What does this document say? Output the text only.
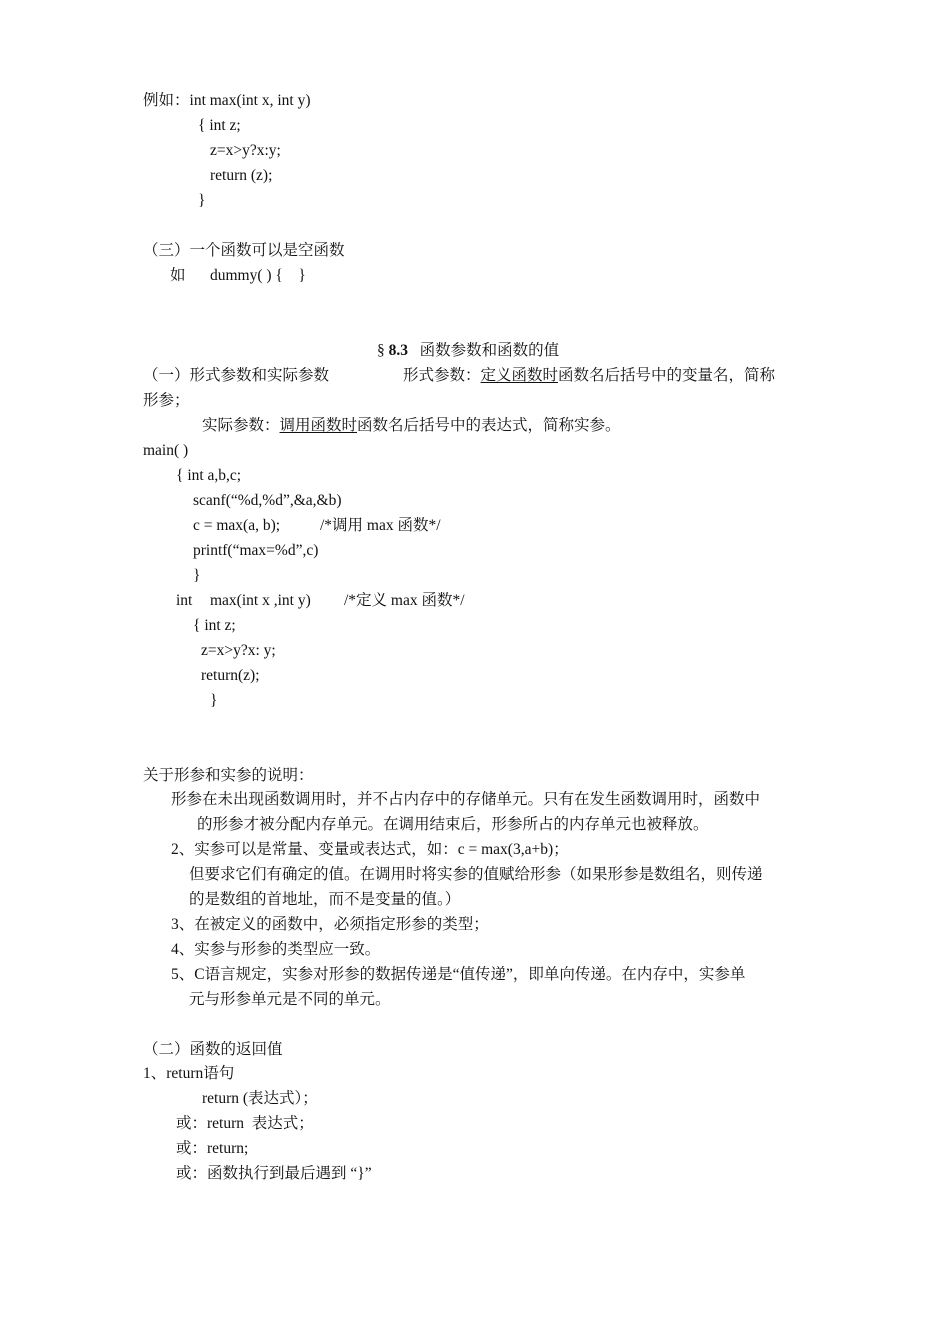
例如：int max(int x, int y)
{ int z;
z=x>y?x:y;
return (z);
}
（三）一个函数可以是空函数
如 dummy( ) {    }
§ 8.3 函数参数和函数的值
（一）形式参数和实际参数	形式参数：定义函数时函数名后括号中的变量名，简称
形参；
实际参数：调用函数时函数名后括号中的表达式，简称实参。
main( )
{ int a,b,c;
scanf(“%d,%d”,&a,&b)
c = max(a, b);	/*调用 max 函数*/
printf(“max=%d”,c)
}
int max(int x ,int y) /*定义 max 函数*/
{ int z;
z=x>y?x: y;
return(z);
}
关于形参和实参的说明：
形参在未出现函数调用时，并不占内存中的存储单元。只有在发生函数调用时，函数中
的形参才被分配内存单元。在调用结束后，形参所占的内存单元也被释放。
2、实参可以是常量、变量或表达式，如：c = max(3,a+b)；
但要求它们有确定的值。在调用时将实参的值赋给形参（如果形参是数组名，则传递
的是数组的首地址，而不是变量的值。）
3、在被定义的函数中，必须指定形参的类型；
4、实参与形参的类型应一致。
5、C语言规定，实参对形参的数据传递是“值传递”，即单向传递。在内存中，实参单
元与形参单元是不同的单元。
（二）函数的返回值
1、return语句
return (表达式）；
或：return  表达式；
或：return;
或：函数执行到最后遇到 “}”
